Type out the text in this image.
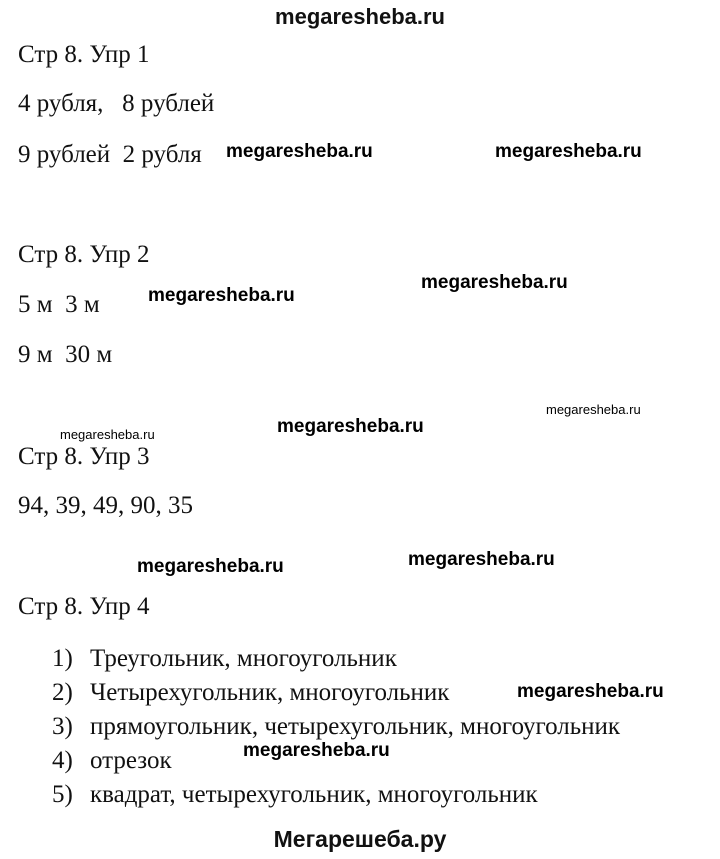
megaresheba.ru
Стр 8. Упр 1
4 рубля,   8 рублей
9 рублей  2 рубля
Стр 8. Упр 2
5 м  3 м
9 м  30 м
Стр 8. Упр 3
94, 39, 49, 90, 35
Стр 8. Упр 4
1) Треугольник, многоугольник
2) Четырехугольник, многоугольник
3) прямоугольник, четырехугольник, многоугольник
4) отрезок
5) квадрат, четырехугольник, многоугольник
megaresheba.ru	megaresheba.ru
megaresheba.ru
megaresheba.ru
megaresheba.ru
megaresheba.ru
megaresheba.ru
megaresheba.ru
megaresheba.ru
megaresheba.ru
megaresheba.ru
Мегарешеба.ру
